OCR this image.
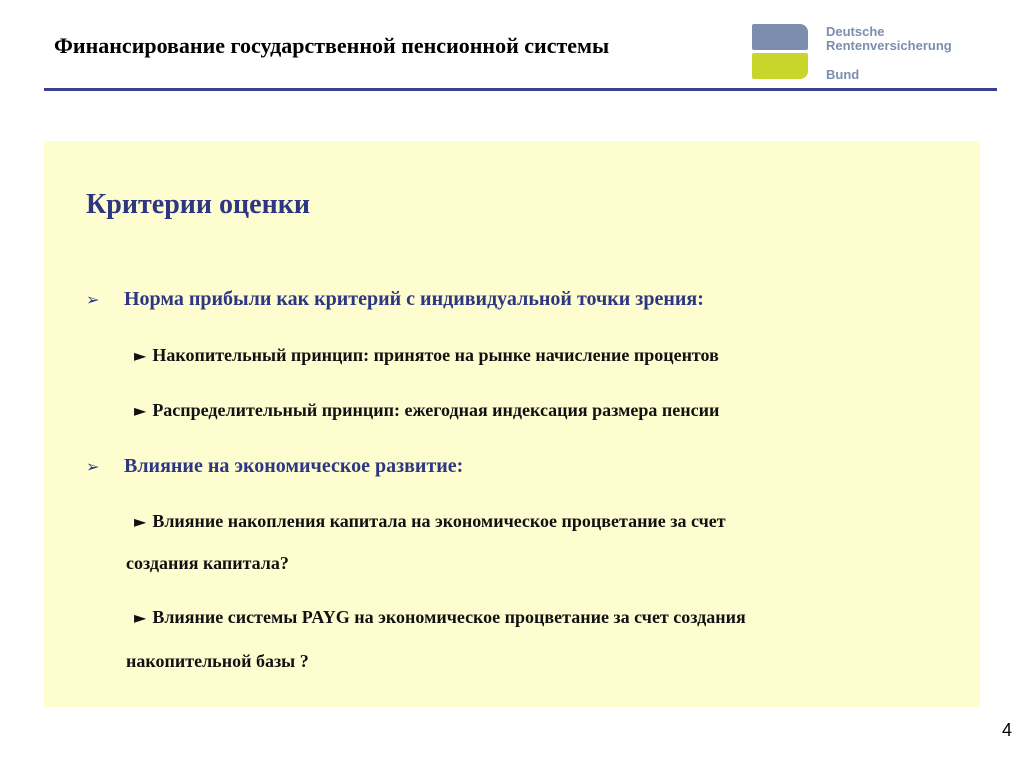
Финансирование государственной пенсионной системы
Deutsche
Rentenversicherung
Bund
Критерии оценки
➢ Норма прибыли как критерий с индивидуальной точки зрения:
► Накопительный принцип: принятое на рынке начисление процентов
► Распределительный принцип: ежегодная индексация размера пенсии
➢ Влияние на экономическое развитие:
► Влияние накопления капитала на экономическое процветание за счет
создания капитала?
► Влияние системы PAYG на экономическое процветание за счет создания
накопительной базы ?
4
